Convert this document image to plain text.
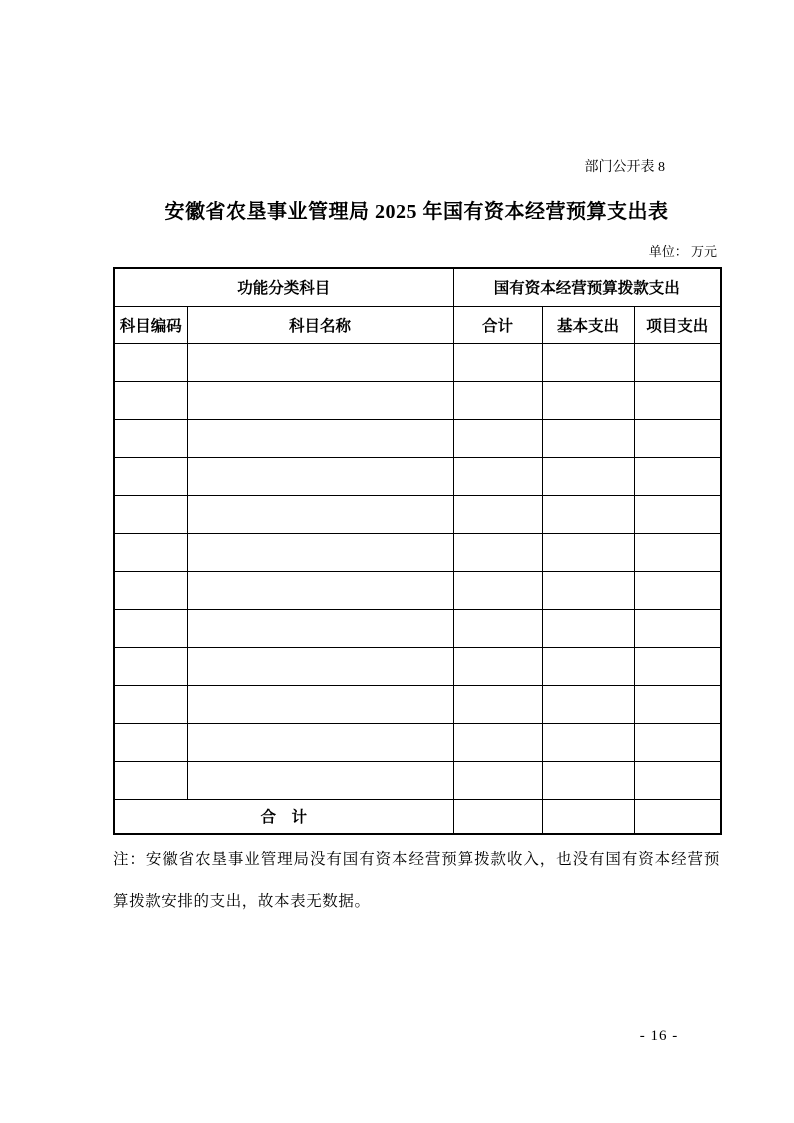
部门公开表 8
安徽省农垦事业管理局 2025 年国有资本经营预算支出表
单位： 万元
功能分类科目		国有资本经营预算拨款支出		
科目编码	科目名称	合计	基本支出	项目支出

合　计				
注：安徽省农垦事业管理局没有国有资本经营预算拨款收入，也没有国有资本经营预
算拨款安排的支出，故本表无数据。
- 16 -
